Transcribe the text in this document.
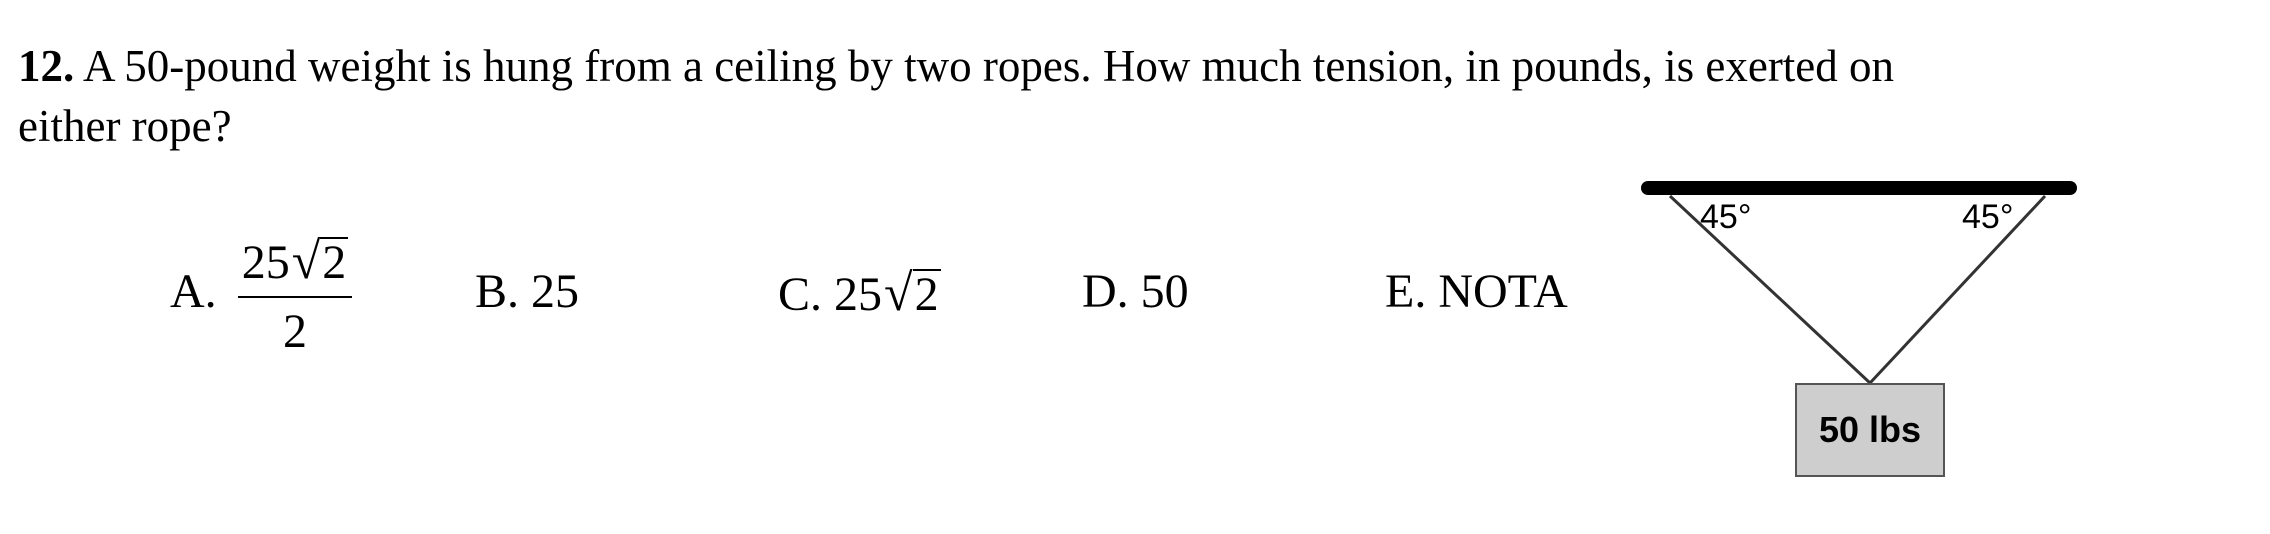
12. A 50-pound weight is hung from a ceiling by two ropes. How much tension, in pounds, is exerted on either rope?
A.
25√2
2
B. 25	C. 25√2	D. 50	E. NOTA
45°	45°
50 lbs
